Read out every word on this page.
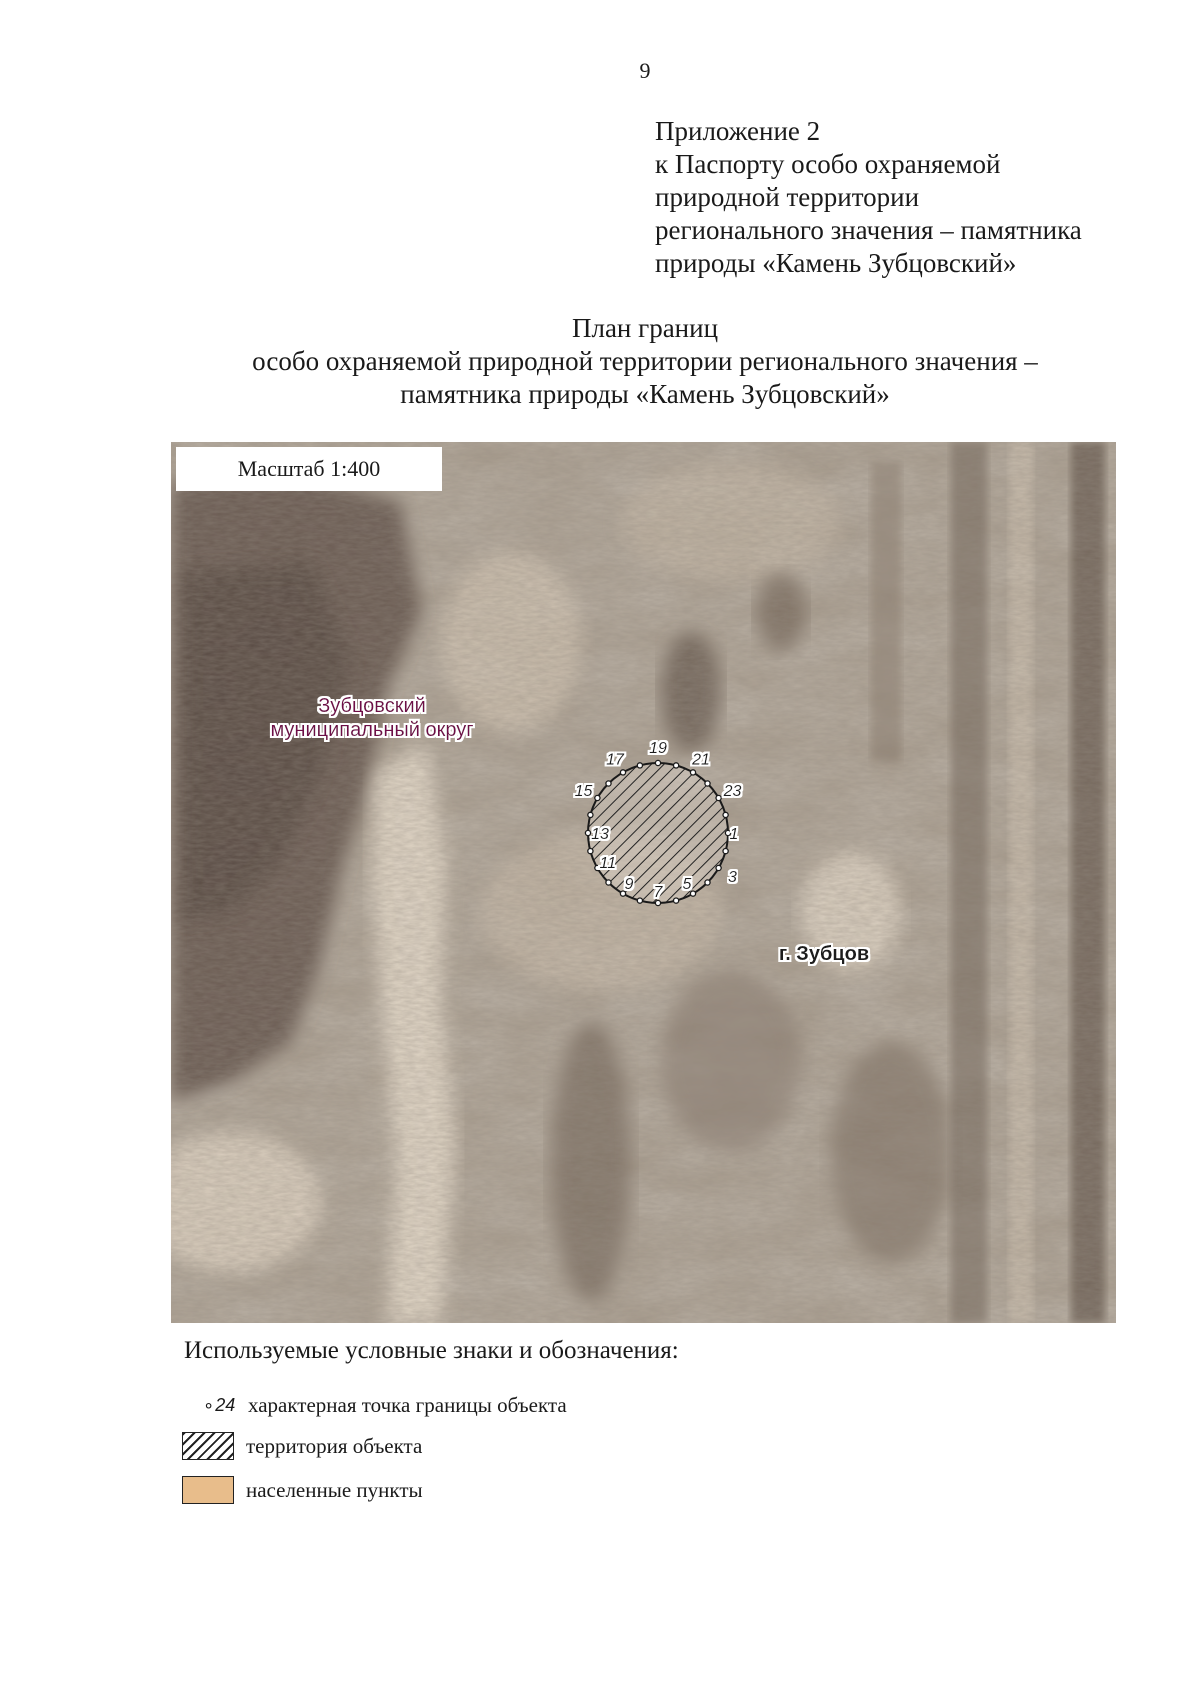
9
Приложение 2
к Паспорту особо охраняемой
природной территории
регионального значения – памятника
природы «Камень Зубцовский»
План границ
особо охраняемой природной территории регионального значения –
памятника природы «Камень Зубцовский»
Зубцовский
муниципальный округ
г. Зубцов
1
3
5
7
9
11
13
15
17
19
21
23
Масштаб 1:400
Используемые условные знаки и обозначения:
∘ 24 характерная точка границы объекта
территория объекта
населенные пункты
